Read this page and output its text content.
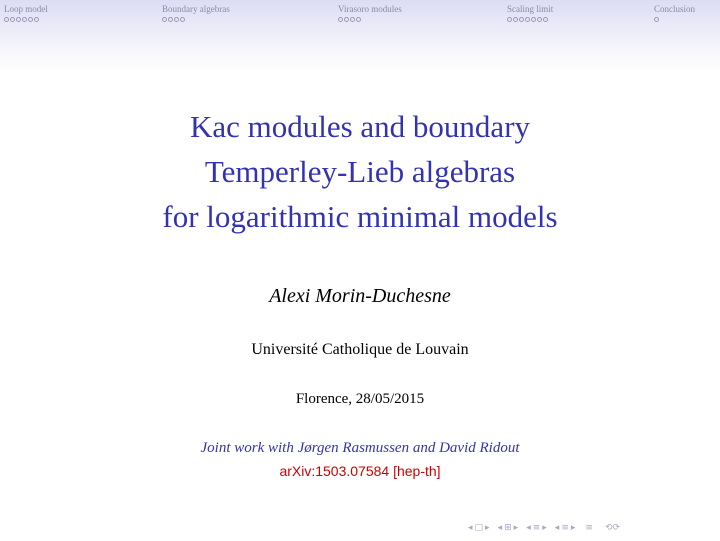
Loop model	Boundary algebras	Virasoro modules	Scaling limit	Conclusion
Kac modules and boundary
Temperley-Lieb algebras
for logarithmic minimal models
Alexi Morin-Duchesne
Université Catholique de Louvain
Florence, 28/05/2015
Joint work with Jørgen Rasmussen and David Ridout
arXiv:1503.07584 [hep-th]
◂ □ ▸ ◂ ⊞ ▸ ◂ ≡ ▸ ◂ ≡ ▸ ≡ ⟲⟳
